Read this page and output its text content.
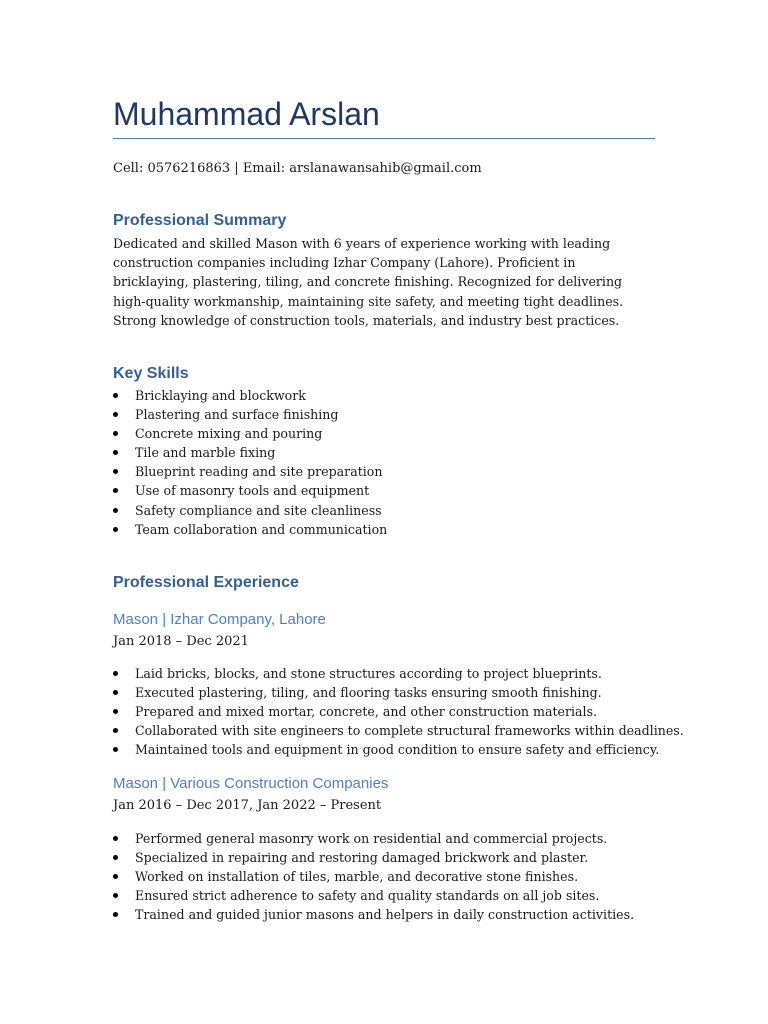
Muhammad Arslan
Cell: 0576216863 | Email: arslanawansahib@gmail.com
Professional Summary

Dedicated and skilled Mason with 6 years of experience working with leading construction companies including Izhar Company (Lahore). Proficient in bricklaying, plastering, tiling, and concrete finishing. Recognized for delivering high-quality workmanship, maintaining site safety, and meeting tight deadlines. Strong knowledge of construction tools, materials, and industry best practices.

Key Skills
Bricklaying and blockwork
Plastering and surface finishing
Concrete mixing and pouring
Tile and marble fixing
Blueprint reading and site preparation
Use of masonry tools and equipment
Safety compliance and site cleanliness
Team collaboration and communication
Professional Experience
Mason | Izhar Company, Lahore
Jan 2018 – Dec 2021
Laid bricks, blocks, and stone structures according to project blueprints.
Executed plastering, tiling, and flooring tasks ensuring smooth finishing.
Prepared and mixed mortar, concrete, and other construction materials.
Collaborated with site engineers to complete structural frameworks within deadlines.
Maintained tools and equipment in good condition to ensure safety and efficiency.
Mason | Various Construction Companies
Jan 2016 – Dec 2017, Jan 2022 – Present
Performed general masonry work on residential and commercial projects.
Specialized in repairing and restoring damaged brickwork and plaster.
Worked on installation of tiles, marble, and decorative stone finishes.
Ensured strict adherence to safety and quality standards on all job sites.
Trained and guided junior masons and helpers in daily construction activities.
